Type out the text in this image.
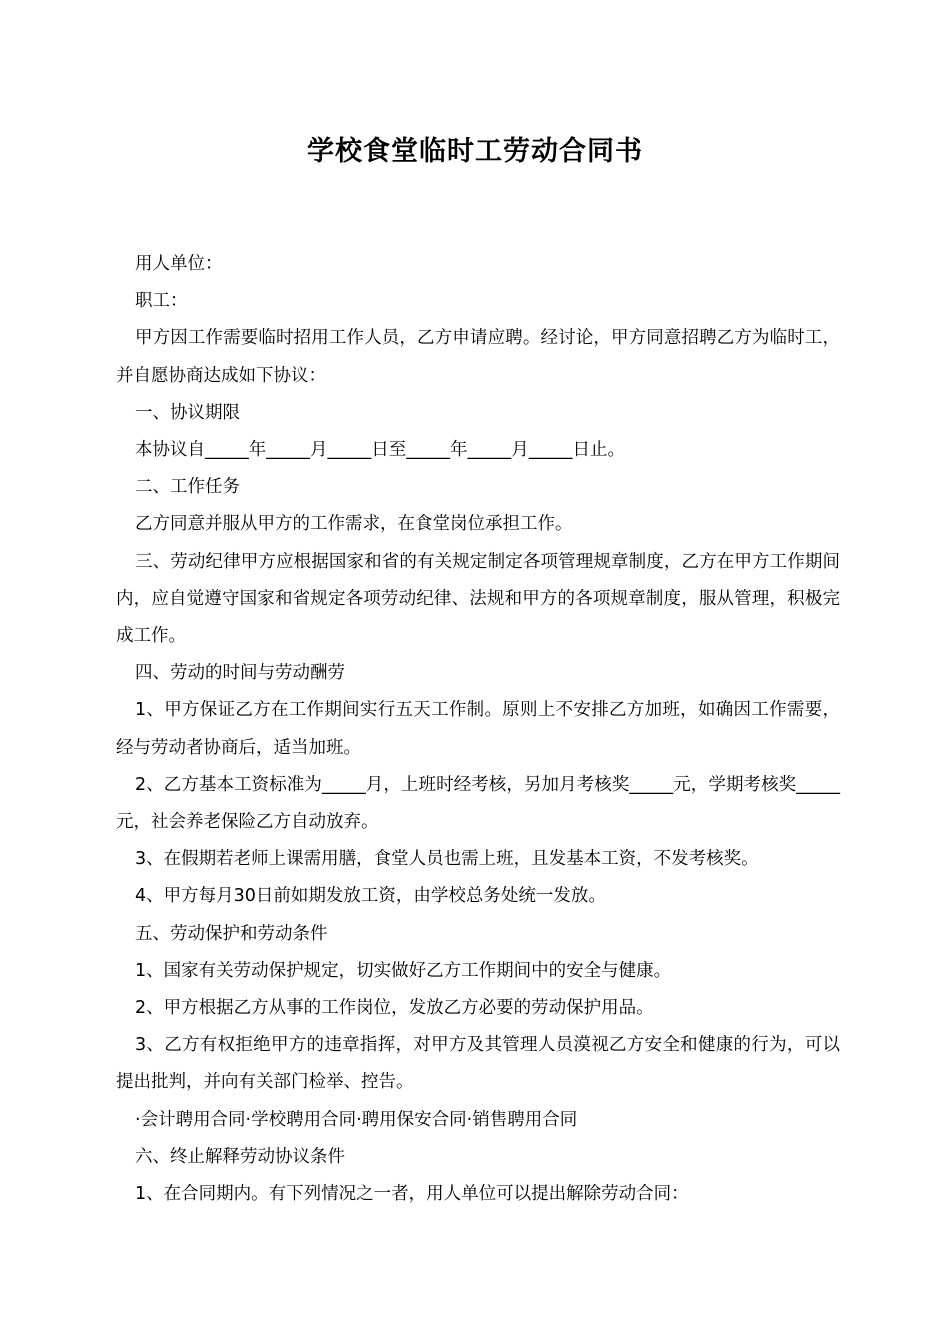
学校食堂临时工劳动合同书

用人单位：

职工：

甲方因工作需要临时招用工作人员，乙方申请应聘。经讨论，甲方同意招聘乙方为临时工，并自愿协商达成如下协议：

一、协议期限

本协议自_____年_____月_____日至_____年_____月_____日止。

二、工作任务

乙方同意并服从甲方的工作需求，在食堂岗位承担工作。

三、劳动纪律甲方应根据国家和省的有关规定制定各项管理规章制度，乙方在甲方工作期间内，应自觉遵守国家和省规定各项劳动纪律、法规和甲方的各项规章制度，服从管理，积极完成工作。

四、劳动的时间与劳动酬劳

1、甲方保证乙方在工作期间实行五天工作制。原则上不安排乙方加班，如确因工作需要，经与劳动者协商后，适当加班。

2、乙方基本工资标准为_____月，上班时经考核，另加月考核奖_____元，学期考核奖_____元，社会养老保险乙方自动放弃。

3、在假期若老师上课需用膳，食堂人员也需上班，且发基本工资，不发考核奖。

4、甲方每月30日前如期发放工资，由学校总务处统一发放。

五、劳动保护和劳动条件

1、国家有关劳动保护规定，切实做好乙方工作期间中的安全与健康。

2、甲方根据乙方从事的工作岗位，发放乙方必要的劳动保护用品。

3、乙方有权拒绝甲方的违章指挥，对甲方及其管理人员漠视乙方安全和健康的行为，可以提出批判，并向有关部门检举、控告。

·会计聘用合同·学校聘用合同·聘用保安合同·销售聘用合同

六、终止解释劳动协议条件

1、在合同期内。有下列情况之一者，用人单位可以提出解除劳动合同：
